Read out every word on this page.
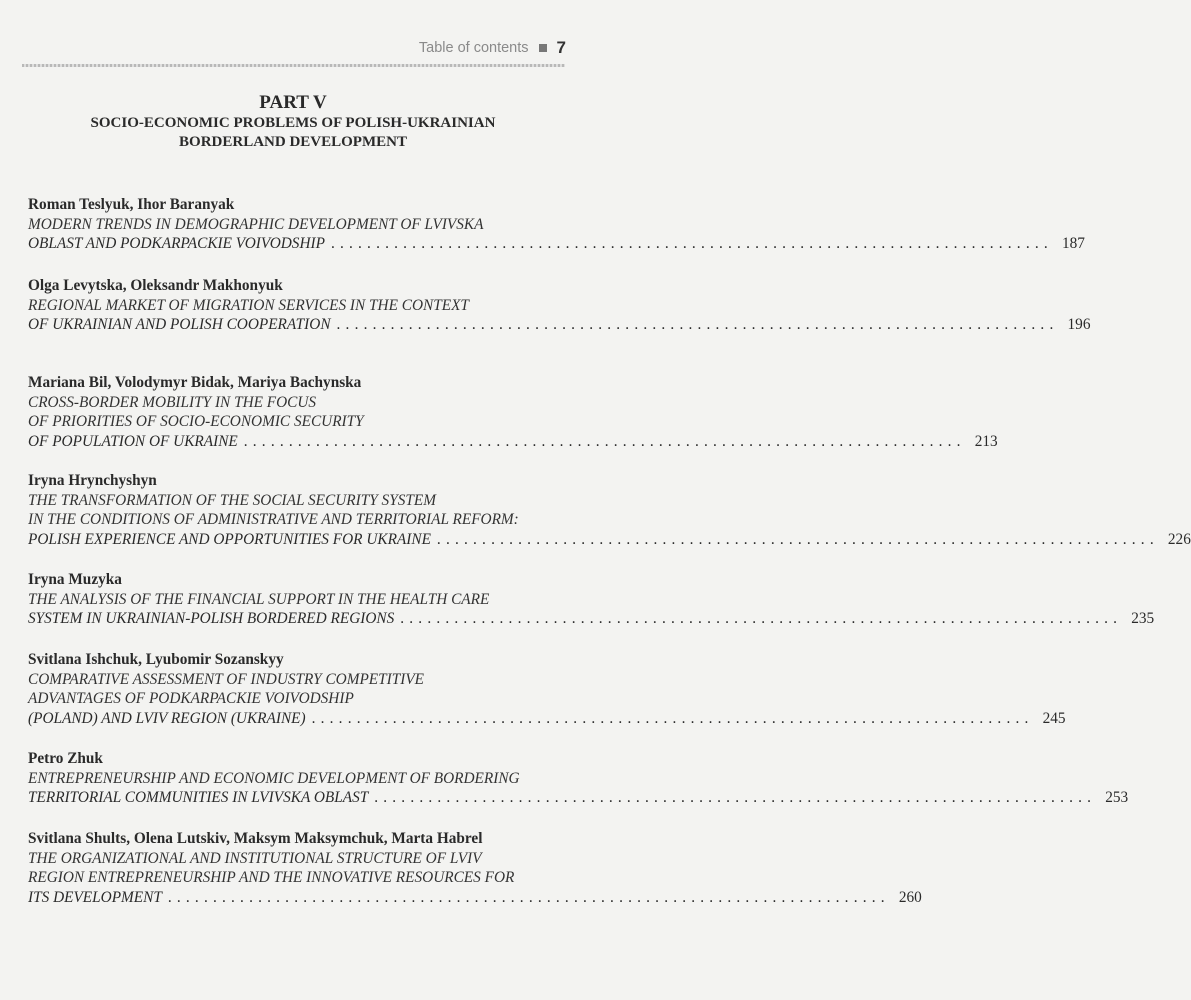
Table of contents 7
PART V
SOCIO-ECONOMIC PROBLEMS OF POLISH-UKRAINIAN
BORDERLAND DEVELOPMENT
Roman Teslyuk, Ihor Baranyak
MODERN TRENDS IN DEMOGRAPHIC DEVELOPMENT OF LVIVSKA
OBLAST AND PODKARPACKIE VOIVODSHIP ................................................................................ 187
Olga Levytska, Oleksandr Makhonyuk
REGIONAL MARKET OF MIGRATION SERVICES IN THE CONTEXT
OF UKRAINIAN AND POLISH COOPERATION ................................................................................ 196
Mariana Bil, Volodymyr Bidak, Mariya Bachynska
CROSS-BORDER MOBILITY IN THE FOCUS
OF PRIORITIES OF SOCIO-ECONOMIC SECURITY
OF POPULATION OF UKRAINE ................................................................................ 213
Iryna Hrynchyshyn
THE TRANSFORMATION OF THE SOCIAL SECURITY SYSTEM
IN THE CONDITIONS OF ADMINISTRATIVE AND TERRITORIAL REFORM:
POLISH EXPERIENCE AND OPPORTUNITIES FOR UKRAINE ................................................................................ 226
Iryna Muzyka
THE ANALYSIS OF THE FINANCIAL SUPPORT IN THE HEALTH CARE
SYSTEM IN UKRAINIAN-POLISH BORDERED REGIONS ................................................................................ 235
Svitlana Ishchuk, Lyubomir Sozanskyy
COMPARATIVE ASSESSMENT OF INDUSTRY COMPETITIVE
ADVANTAGES OF PODKARPACKIE VOIVODSHIP
(POLAND) AND LVIV REGION (UKRAINE) ................................................................................ 245
Petro Zhuk
ENTREPRENEURSHIP AND ECONOMIC DEVELOPMENT OF BORDERING
TERRITORIAL COMMUNITIES IN LVIVSKA OBLAST ................................................................................ 253
Svitlana Shults, Olena Lutskiv, Maksym Maksymchuk, Marta Habrel
THE ORGANIZATIONAL AND INSTITUTIONAL STRUCTURE OF LVIV
REGION ENTREPRENEURSHIP AND THE INNOVATIVE RESOURCES FOR
ITS DEVELOPMENT ................................................................................ 260
